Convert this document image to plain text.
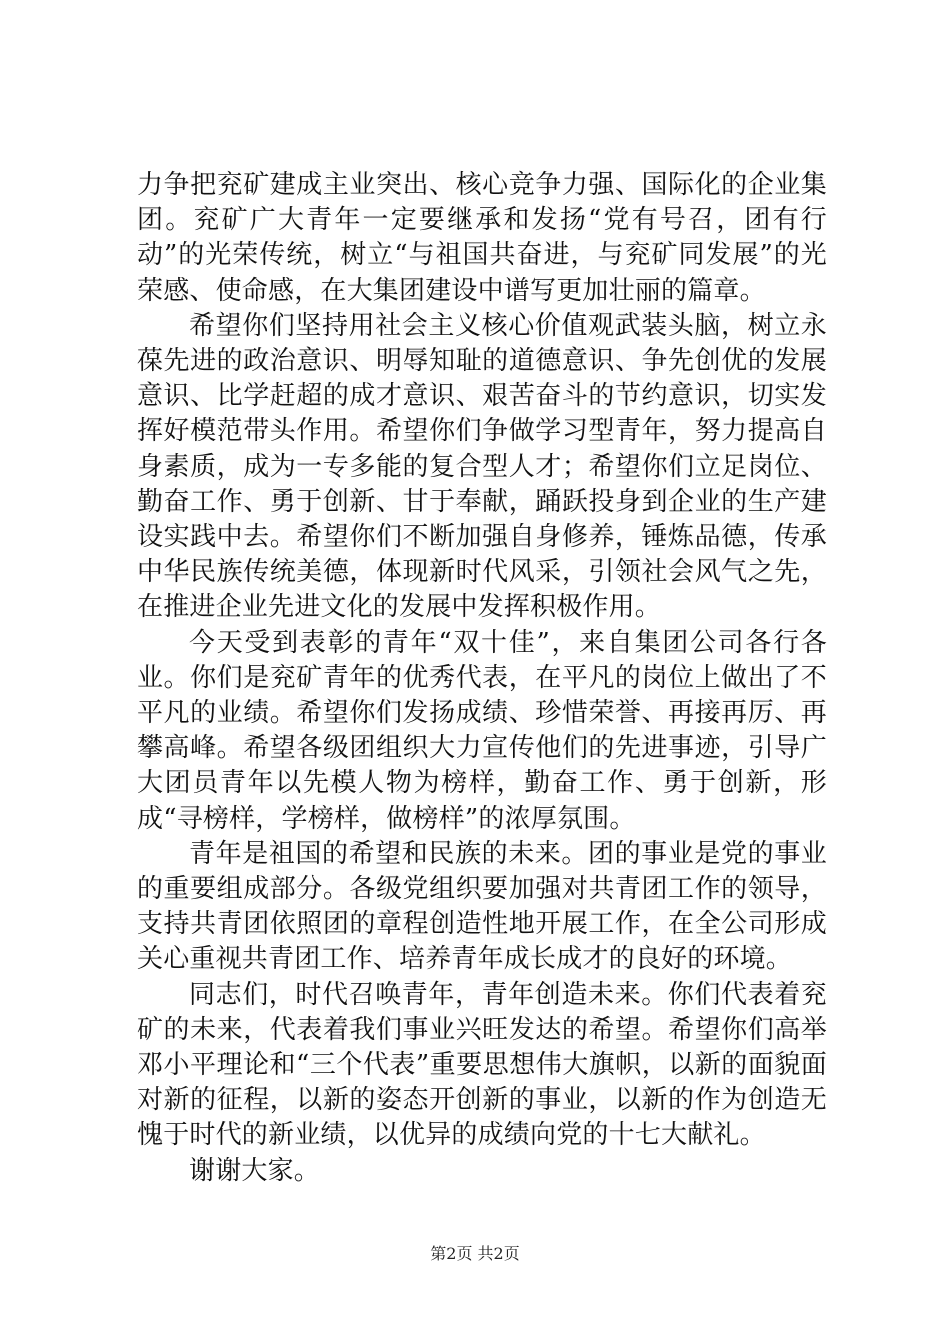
力争把兖矿建成主业突出、核心竞争力强、国际化的企业集团。兖矿广大青年一定要继承和发扬“党有号召，团有行动”的光荣传统，树立“与祖国共奋进，与兖矿同发展”的光荣感、使命感，在大集团建设中谱写更加壮丽的篇章。

希望你们坚持用社会主义核心价值观武装头脑，树立永葆先进的政治意识、明辱知耻的道德意识、争先创优的发展意识、比学赶超的成才意识、艰苦奋斗的节约意识，切实发挥好模范带头作用。希望你们争做学习型青年，努力提高自身素质，成为一专多能的复合型人才；希望你们立足岗位、勤奋工作、勇于创新、甘于奉献，踊跃投身到企业的生产建设实践中去。希望你们不断加强自身修养，锤炼品德，传承中华民族传统美德，体现新时代风采，引领社会风气之先，在推进企业先进文化的发展中发挥积极作用。

今天受到表彰的青年“双十佳”，来自集团公司各行各业。你们是兖矿青年的优秀代表，在平凡的岗位上做出了不平凡的业绩。希望你们发扬成绩、珍惜荣誉、再接再厉、再攀高峰。希望各级团组织大力宣传他们的先进事迹，引导广大团员青年以先模人物为榜样，勤奋工作、勇于创新，形成“寻榜样，学榜样，做榜样”的浓厚氛围。

青年是祖国的希望和民族的未来。团的事业是党的事业的重要组成部分。各级党组织要加强对共青团工作的领导，支持共青团依照团的章程创造性地开展工作，在全公司形成关心重视共青团工作、培养青年成长成才的良好的环境。

同志们，时代召唤青年，青年创造未来。你们代表着兖矿的未来，代表着我们事业兴旺发达的希望。希望你们高举邓小平理论和“三个代表”重要思想伟大旗帜，以新的面貌面对新的征程，以新的姿态开创新的事业，以新的作为创造无愧于时代的新业绩，以优异的成绩向党的十七大献礼。

谢谢大家。

第2页 共2页
